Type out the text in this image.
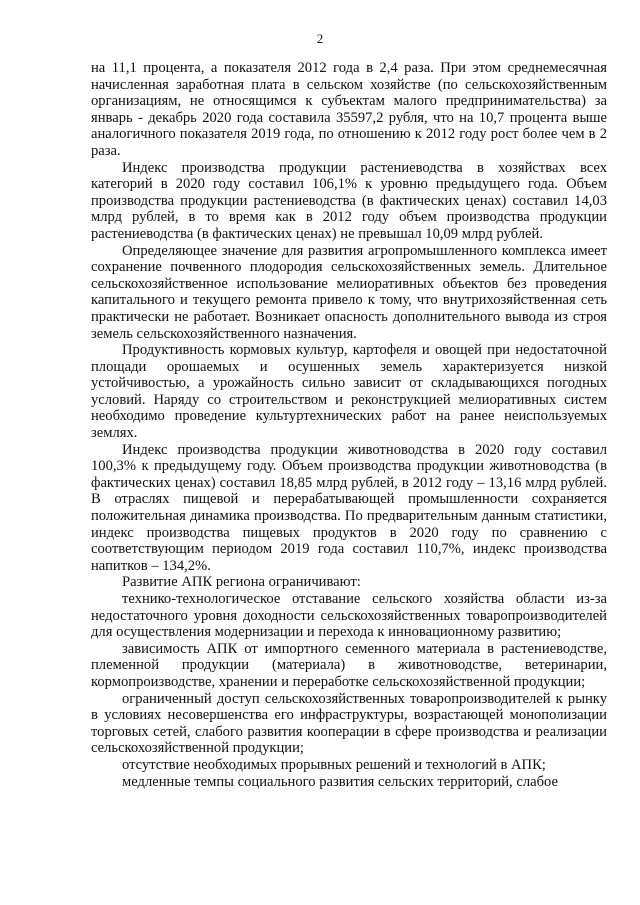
2

на 11,1 процента, а показателя 2012 года в 2,4 раза. При этом среднемесячная начисленная заработная плата в сельском хозяйстве (по сельскохозяйственным организациям, не относящимся к субъектам малого предпринимательства) за январь - декабрь 2020 года составила 35597,2 рубля, что на 10,7 процента выше аналогичного показателя 2019 года, по отношению к 2012 году рост более чем в 2 раза.

Индекс производства продукции растениеводства в хозяйствах всех категорий в 2020 году составил 106,1% к уровню предыдущего года. Объем производства продукции растениеводства (в фактических ценах) составил 14,03 млрд рублей, в то время как в 2012 году объем производства продукции растениеводства (в фактических ценах) не превышал 10,09 млрд рублей.

Определяющее значение для развития агропромышленного комплекса имеет сохранение почвенного плодородия сельскохозяйственных земель. Длительное сельскохозяйственное использование мелиоративных объектов без проведения капитального и текущего ремонта привело к тому, что внутрихозяйственная сеть практически не работает. Возникает опасность дополнительного вывода из строя земель сельскохозяйственного назначения.

Продуктивность кормовых культур, картофеля и овощей при недостаточной площади орошаемых и осушенных земель характеризуется низкой устойчивостью, а урожайность сильно зависит от складывающихся погодных условий. Наряду со строительством и реконструкцией мелиоративных систем необходимо проведение культуртехнических работ на ранее неиспользуемых землях.

Индекс производства продукции животноводства в 2020 году составил 100,3% к предыдущему году. Объем производства продукции животноводства (в фактических ценах) составил 18,85 млрд рублей, в 2012 году – 13,16 млрд рублей. В отраслях пищевой и перерабатывающей промышленности сохраняется положительная динамика производства. По предварительным данным статистики, индекс производства пищевых продуктов в 2020 году по сравнению с соответствующим периодом 2019 года составил 110,7%, индекс производства напитков – 134,2%.

Развитие АПК региона ограничивают:

технико-технологическое отставание сельского хозяйства области из-за недостаточного уровня доходности сельскохозяйственных товаропроизводителей для осуществления модернизации и перехода к инновационному развитию;

зависимость АПК от импортного семенного материала в растениеводстве, племенной продукции (материала) в животноводстве, ветеринарии, кормопроизводстве, хранении и переработке сельскохозяйственной продукции;

ограниченный доступ сельскохозяйственных товаропроизводителей к рынку в условиях несовершенства его инфраструктуры, возрастающей монополизации торговых сетей, слабого развития кооперации в сфере производства и реализации сельскохозяйственной продукции;

отсутствие необходимых прорывных решений и технологий в АПК;

медленные темпы социального развития сельских территорий, слабое
